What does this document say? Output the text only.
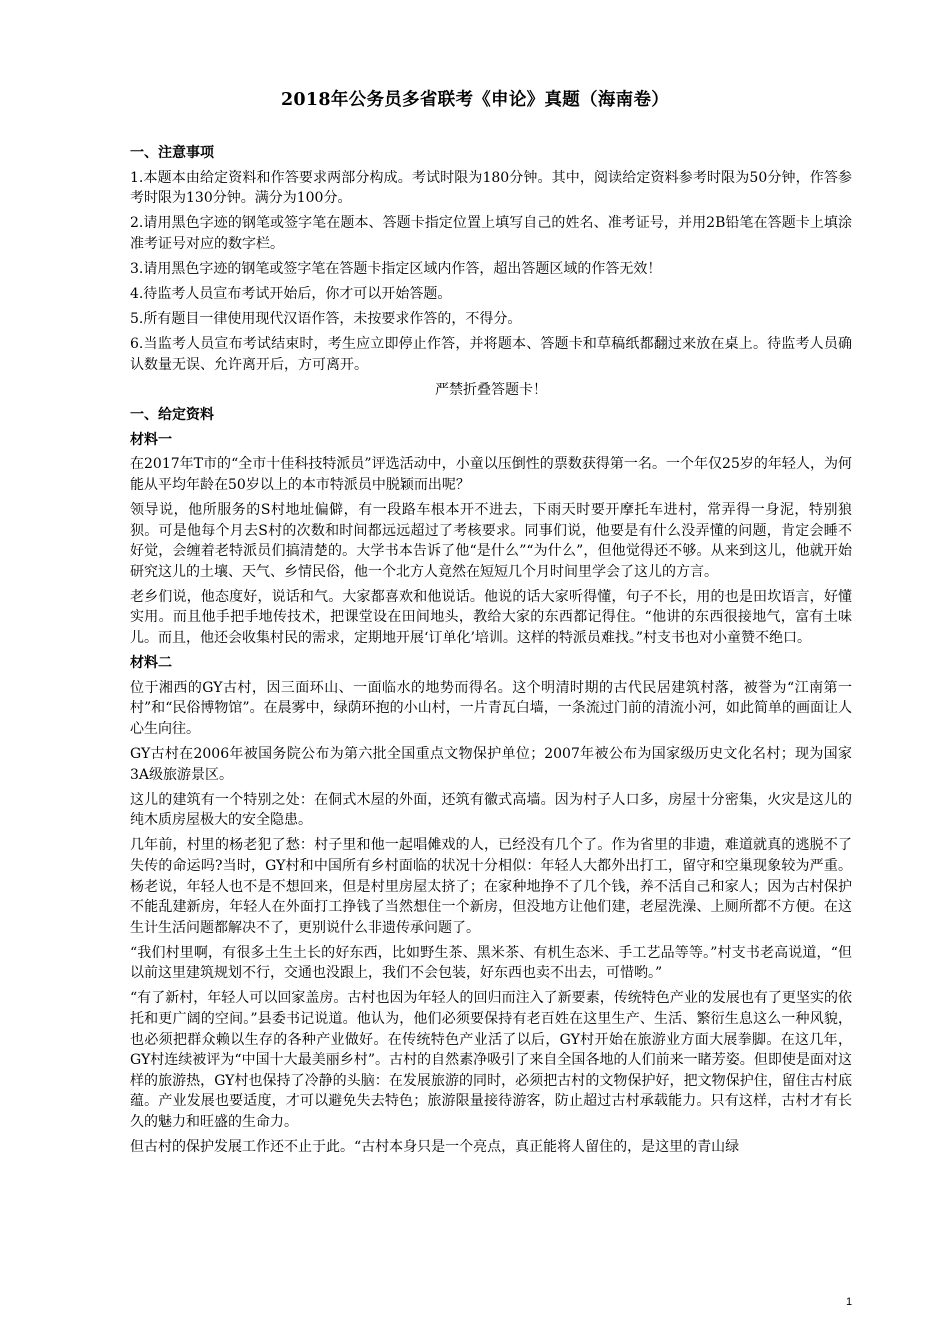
2018年公务员多省联考《申论》真题（海南卷）
一、注意事项
1.本题本由给定资料和作答要求两部分构成。考试时限为180分钟。其中，阅读给定资料参考时限为50分钟，作答参考时限为130分钟。满分为100分。
2.请用黑色字迹的钢笔或签字笔在题本、答题卡指定位置上填写自己的姓名、准考证号，并用2B铅笔在答题卡上填涂准考证号对应的数字栏。
3.请用黑色字迹的钢笔或签字笔在答题卡指定区域内作答，超出答题区域的作答无效！
4.待监考人员宣布考试开始后，你才可以开始答题。
5.所有题目一律使用现代汉语作答，未按要求作答的，不得分。
6.当监考人员宣布考试结束时，考生应立即停止作答，并将题本、答题卡和草稿纸都翻过来放在桌上。待监考人员确认数量无误、允许离开后，方可离开。
严禁折叠答题卡！
一、给定资料
材料一
在2017年T市的“全市十佳科技特派员”评选活动中，小童以压倒性的票数获得第一名。一个年仅25岁的年轻人，为何能从平均年龄在50岁以上的本市特派员中脱颖而出呢？
领导说，他所服务的S村地址偏僻，有一段路车根本开不进去，下雨天时要开摩托车进村，常弄得一身泥，特别狼狈。可是他每个月去S村的次数和时间都远远超过了考核要求。同事们说，他要是有什么没弄懂的问题，肯定会睡不好觉，会缠着老特派员们搞清楚的。大学书本告诉了他“是什么”“为什么”，但他觉得还不够。从来到这儿，他就开始研究这儿的土壤、天气、乡情民俗，他一个北方人竟然在短短几个月时间里学会了这儿的方言。
老乡们说，他态度好，说话和气。大家都喜欢和他说话。他说的话大家听得懂，句子不长，用的也是田坎语言，好懂实用。而且他手把手地传技术，把课堂设在田间地头，教给大家的东西都记得住。“他讲的东西很接地气，富有土味儿。而且，他还会收集村民的需求，定期地开展‘订单化’培训。这样的特派员难找。”村支书也对小童赞不绝口。
材料二
位于湘西的GY古村，因三面环山、一面临水的地势而得名。这个明清时期的古代民居建筑村落，被誉为“江南第一村”和“民俗博物馆”。在晨雾中，绿荫环抱的小山村，一片青瓦白墙，一条流过门前的清流小河，如此简单的画面让人心生向往。
GY古村在2006年被国务院公布为第六批全国重点文物保护单位；2007年被公布为国家级历史文化名村；现为国家3A级旅游景区。
这儿的建筑有一个特别之处：在侗式木屋的外面，还筑有徽式高墙。因为村子人口多，房屋十分密集，火灾是这儿的纯木质房屋极大的安全隐患。
几年前，村里的杨老犯了愁：村子里和他一起唱傩戏的人，已经没有几个了。作为省里的非遗，难道就真的逃脱不了失传的命运吗?当时，GY村和中国所有乡村面临的状况十分相似：年轻人大都外出打工，留守和空巢现象较为严重。杨老说，年轻人也不是不想回来，但是村里房屋太挤了；在家种地挣不了几个钱，养不活自己和家人；因为古村保护不能乱建新房，年轻人在外面打工挣钱了当然想住一个新房，但没地方让他们建，老屋洗澡、上厕所都不方便。在这生计生活问题都解决不了，更别说什么非遗传承问题了。
“我们村里啊，有很多土生土长的好东西，比如野生茶、黑米茶、有机生态米、手工艺品等等。”村支书老高说道，“但以前这里建筑规划不行，交通也没跟上，我们不会包装，好东西也卖不出去，可惜哟。”
“有了新村，年轻人可以回家盖房。古村也因为年轻人的回归而注入了新要素，传统特色产业的发展也有了更坚实的依托和更广阔的空间。”县委书记说道。他认为，他们必须要保持有老百姓在这里生产、生活、繁衍生息这么一种风貌，也必须把群众赖以生存的各种产业做好。在传统特色产业活了以后，GY村开始在旅游业方面大展拳脚。在这几年，GY村连续被评为“中国十大最美丽乡村”。古村的自然素净吸引了来自全国各地的人们前来一睹芳姿。但即使是面对这样的旅游热，GY村也保持了冷静的头脑：在发展旅游的同时，必须把古村的文物保护好，把文物保护住，留住古村底蕴。产业发展也要适度，才可以避免失去特色；旅游限量接待游客，防止超过古村承载能力。只有这样，古村才有长久的魅力和旺盛的生命力。
但古村的保护发展工作还不止于此。“古村本身只是一个亮点，真正能将人留住的，是这里的青山绿
1
